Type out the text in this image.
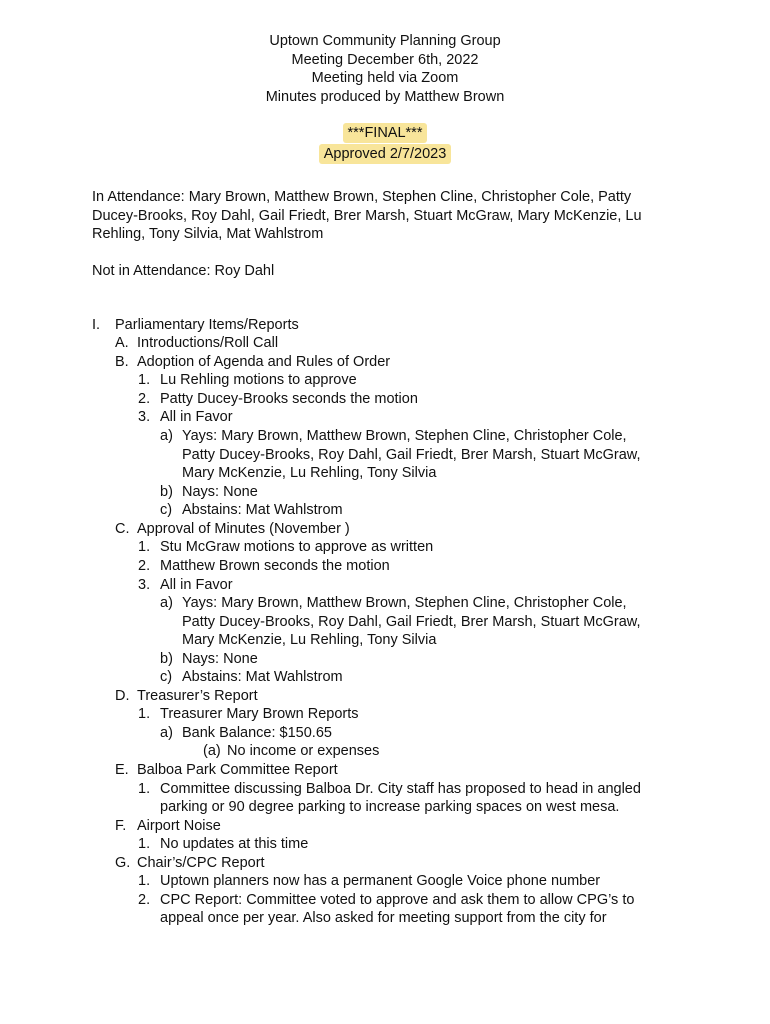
Uptown Community Planning Group
Meeting December 6th, 2022
Meeting held via Zoom
Minutes produced by Matthew Brown
***FINAL***
Approved 2/7/2023
In Attendance: Mary Brown, Matthew Brown, Stephen Cline, Christopher Cole, Patty
Ducey-Brooks, Roy Dahl, Gail Friedt, Brer Marsh, Stuart McGraw, Mary McKenzie, Lu
Rehling, Tony Silvia, Mat Wahlstrom
Not in Attendance: Roy Dahl
I. Parliamentary Items/Reports
A. Introductions/Roll Call
B. Adoption of Agenda and Rules of Order
1. Lu Rehling motions to approve
2. Patty Ducey-Brooks seconds the motion
3. All in Favor
a) Yays: Mary Brown, Matthew Brown, Stephen Cline, Christopher Cole,
Patty Ducey-Brooks, Roy Dahl, Gail Friedt, Brer Marsh, Stuart McGraw,
Mary McKenzie, Lu Rehling, Tony Silvia
b) Nays: None
c) Abstains: Mat Wahlstrom
C. Approval of Minutes (November )
1. Stu McGraw motions to approve as written
2. Matthew Brown seconds the motion
3. All in Favor
a) Yays: Mary Brown, Matthew Brown, Stephen Cline, Christopher Cole,
Patty Ducey-Brooks, Roy Dahl, Gail Friedt, Brer Marsh, Stuart McGraw,
Mary McKenzie, Lu Rehling, Tony Silvia
b) Nays: None
c) Abstains: Mat Wahlstrom
D. Treasurer’s Report
1. Treasurer Mary Brown Reports
a) Bank Balance: $150.65
(a) No income or expenses
E. Balboa Park Committee Report
1. Committee discussing Balboa Dr. City staff has proposed to head in angled
parking or 90 degree parking to increase parking spaces on west mesa.
F. Airport Noise
1. No updates at this time
G. Chair’s/CPC Report
1. Uptown planners now has a permanent Google Voice phone number
2. CPC Report: Committee voted to approve and ask them to allow CPG’s to
appeal once per year. Also asked for meeting support from the city for
